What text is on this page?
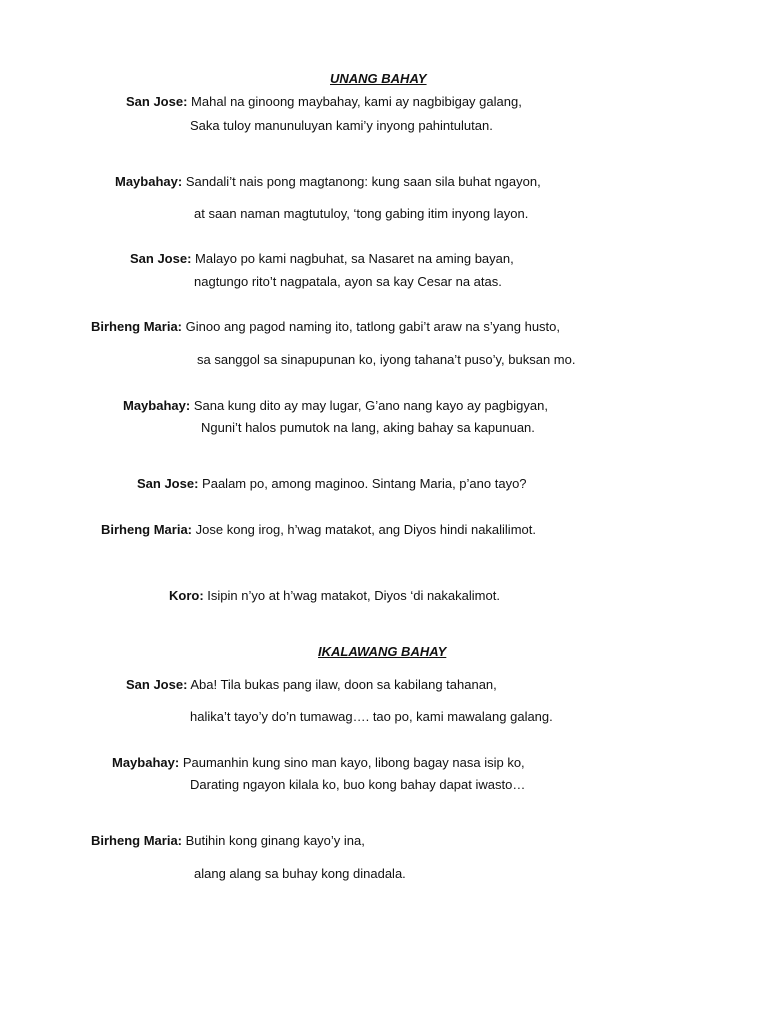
UNANG BAHAY
San Jose: Mahal na ginoong maybahay, kami ay nagbibigay galang,
Saka tuloy manunuluyan kami’y inyong pahintulutan.
Maybahay: Sandali’t nais pong magtanong: kung saan sila buhat ngayon,
at saan naman magtutuloy, ‘tong gabing itim inyong layon.
San Jose: Malayo po kami nagbuhat, sa Nasaret na aming bayan,
nagtungo rito’t nagpatala, ayon sa kay Cesar na atas.
Birheng Maria: Ginoo ang pagod naming ito, tatlong gabi’t araw na s’yang husto,
sa sanggol sa sinapupunan ko, iyong tahana’t puso’y, buksan mo.
Maybahay: Sana kung dito ay may lugar, G’ano nang kayo ay pagbigyan,
Nguni’t halos pumutok na lang, aking bahay sa kapunuan.
San Jose: Paalam po, among maginoo. Sintang Maria, p’ano tayo?
Birheng Maria: Jose kong irog, h’wag matakot, ang Diyos hindi nakalilimot.
Koro: Isipin n’yo at h’wag matakot, Diyos ‘di nakakalimot.
IKALAWANG BAHAY
San Jose: Aba! Tila bukas pang ilaw, doon sa kabilang tahanan,
halika’t tayo’y do’n tumawag…. tao po, kami mawalang galang.
Maybahay: Paumanhin kung sino man kayo, libong bagay nasa isip ko,
Darating ngayon kilala ko, buo kong bahay dapat iwasto…
Birheng Maria: Butihin kong ginang kayo’y ina,
alang alang sa buhay kong dinadala.
